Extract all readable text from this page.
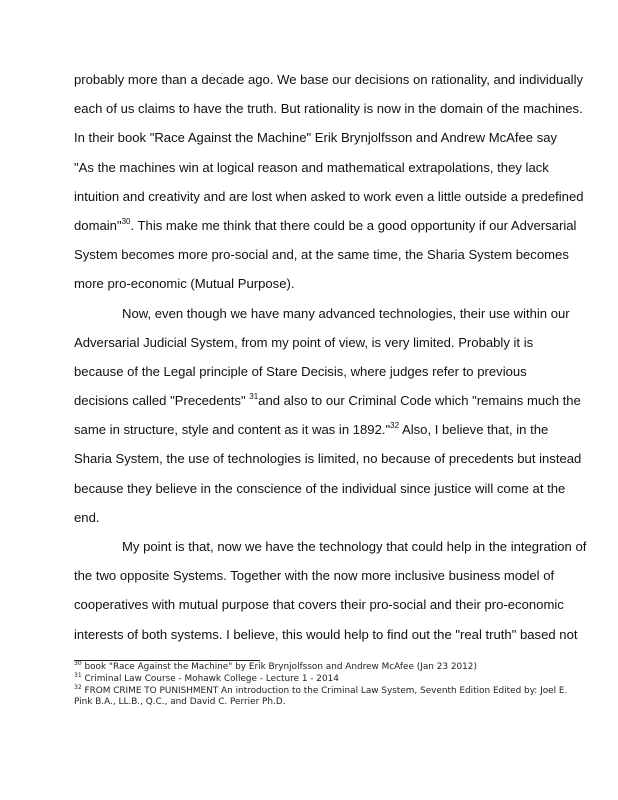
probably more than a decade ago. We base our decisions on rationality, and individually
each of us claims to have the truth. But rationality is now in the domain of the machines.
In their book "Race Against the Machine" Erik Brynjolfsson and Andrew McAfee say
"As the machines win at logical reason and mathematical extrapolations, they lack
intuition and creativity and are lost when asked to work even a little outside a predefined
domain"$^{30}$. This make me think that there could be a good opportunity if our Adversarial
System becomes more pro-social and, at the same time, the Sharia System becomes
more pro-economic (Mutual Purpose).
Now, even though we have many advanced technologies, their use within our
Adversarial Judicial System, from my point of view, is very limited. Probably it is
because of the Legal principle of Stare Decisis, where judges refer to previous
decisions called "Precedents" $^{31}$and also to our Criminal Code which "remains much the
same in structure, style and content as it was in 1892."$^{32}$ Also, I believe that, in the
Sharia System, the use of technologies is limited, no because of precedents but instead
because they believe in the conscience of the individual since justice will come at the
end.
My point is that, now we have the technology that could help in the integration of
the two opposite Systems. Together with the now more inclusive business model of
cooperatives with mutual purpose that covers their pro-social and their pro-economic
interests of both systems. I believe, this would help to find out the "real truth" based not
$^{30}$ book "Race Against the Machine" by Erik Brynjolfsson and Andrew McAfee (Jan 23 2012)
$^{31}$ Criminal Law Course - Mohawk College - Lecture 1 - 2014
$^{32}$ FROM CRIME TO PUNISHMENT An introduction to the Criminal Law System, Seventh Edition Edited by: Joel E.
Pink B.A., LL.B., Q.C., and David C. Perrier Ph.D.
